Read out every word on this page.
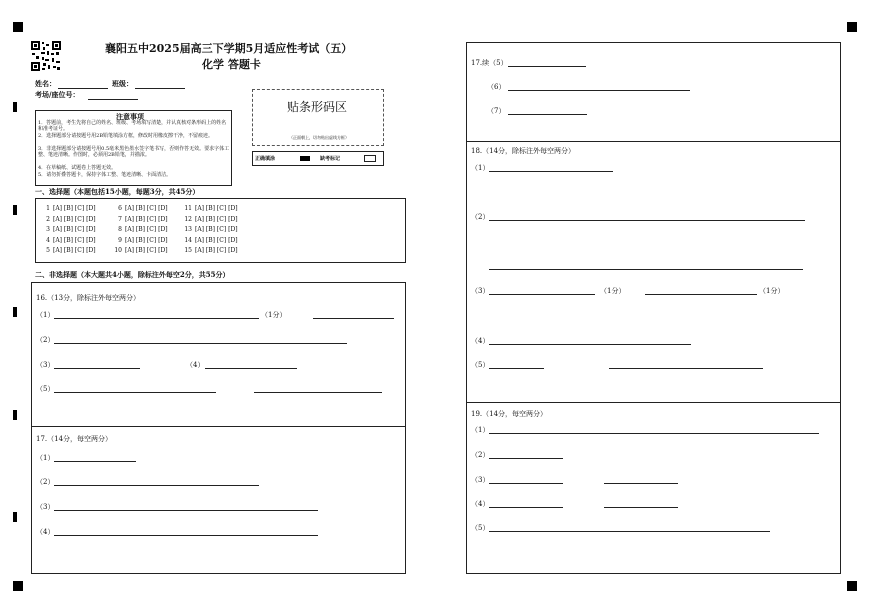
襄阳五中2025届高三下学期5月适应性考试（五）
化学 答题卡
姓名：	班级：
考场/座位号：
注意事项
1．答题前，考生先将自己的姓名、班级、考场填写清楚，并认真核对条形码上的姓名和准考证号。
2．选择题部分请按题号用2B铅笔填涂方框，修改时用橡皮擦干净，不留痕迹。
3．非选择题部分请按题号用0.5毫米黑色墨水签字笔书写，否则作答无效。要求字体工整、笔迹清晰。作图时，必须用2B铅笔，并描浓。
4．在草稿纸、试题卷上答题无效。
5．请勿折叠答题卡，保持字体工整、笔迹清晰、卡面清洁。
贴条形码区
（正面朝上，切勿贴出虚线方框）
正确填涂	缺考标记
一、选择题（本题包括15小题，每题3分，共45分）
1 [A] [B] [C] [D]
2 [A] [B] [C] [D]
3 [A] [B] [C] [D]
4 [A] [B] [C] [D]
5 [A] [B] [C] [D]
6 [A] [B] [C] [D]
7 [A] [B] [C] [D]
8 [A] [B] [C] [D]
9 [A] [B] [C] [D]
10 [A] [B] [C] [D]
11 [A] [B] [C] [D]
12 [A] [B] [C] [D]
13 [A] [B] [C] [D]
14 [A] [B] [C] [D]
15 [A] [B] [C] [D]
二、非选择题（本大题共4小题，除标注外每空2分，共55分）
16.（13分，除标注外每空两分）
（1）	（1分）
（2）
（3）	（4）
（5）
17.（14分，每空两分）
（1）
（2）
（3）
（4）
17.续（5）
（6）
（7）
18.（14分，除标注外每空两分）
（1）
（2）
（3）	（1分）	（1分）
（4）
（5）
19.（14分，每空两分）
（1）
（2）
（3）
（4）
（5）
